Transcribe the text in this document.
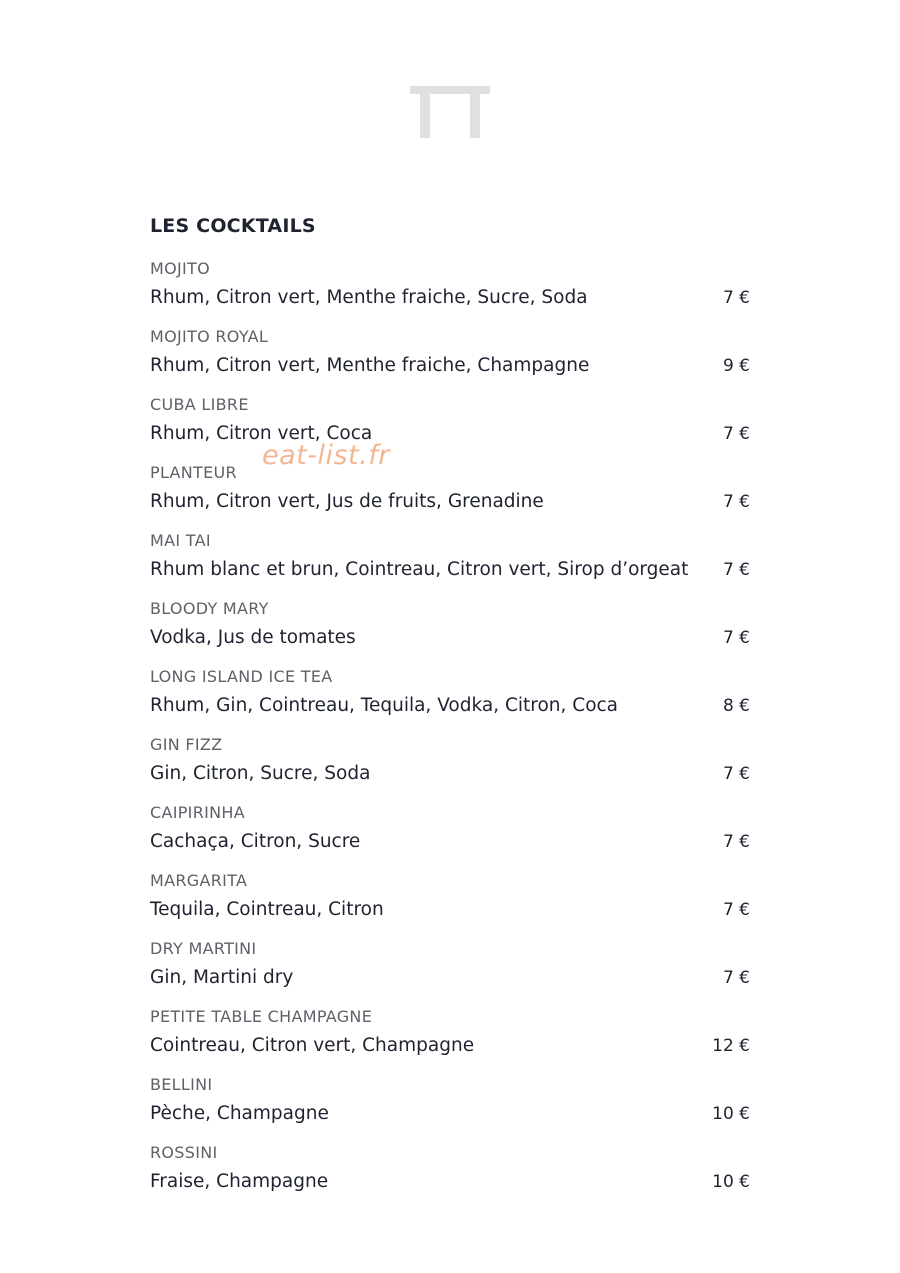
LES COCKTAILS
MOJITO
Rhum, Citron vert, Menthe fraiche, Sucre, Soda	7 €
MOJITO ROYAL
Rhum, Citron vert, Menthe fraiche, Champagne	9 €
CUBA LIBRE
Rhum, Citron vert, Coca	7 €
PLANTEUR
Rhum, Citron vert, Jus de fruits, Grenadine	7 €
MAI TAI
Rhum blanc et brun, Cointreau, Citron vert, Sirop d’orgeat 7 €
BLOODY MARY
Vodka, Jus de tomates	7 €
LONG ISLAND ICE TEA
Rhum, Gin, Cointreau, Tequila, Vodka, Citron, Coca	8 €
GIN FIZZ
Gin, Citron, Sucre, Soda	7 €
CAIPIRINHA
Cachaça, Citron, Sucre	7 €
MARGARITA
Tequila, Cointreau, Citron	7 €
DRY MARTINI
Gin, Martini dry	7 €
PETITE TABLE CHAMPAGNE
Cointreau, Citron vert, Champagne	12 €
BELLINI
Pèche, Champagne	10 €
ROSSINI
Fraise, Champagne	10 €
eat-list.fr
